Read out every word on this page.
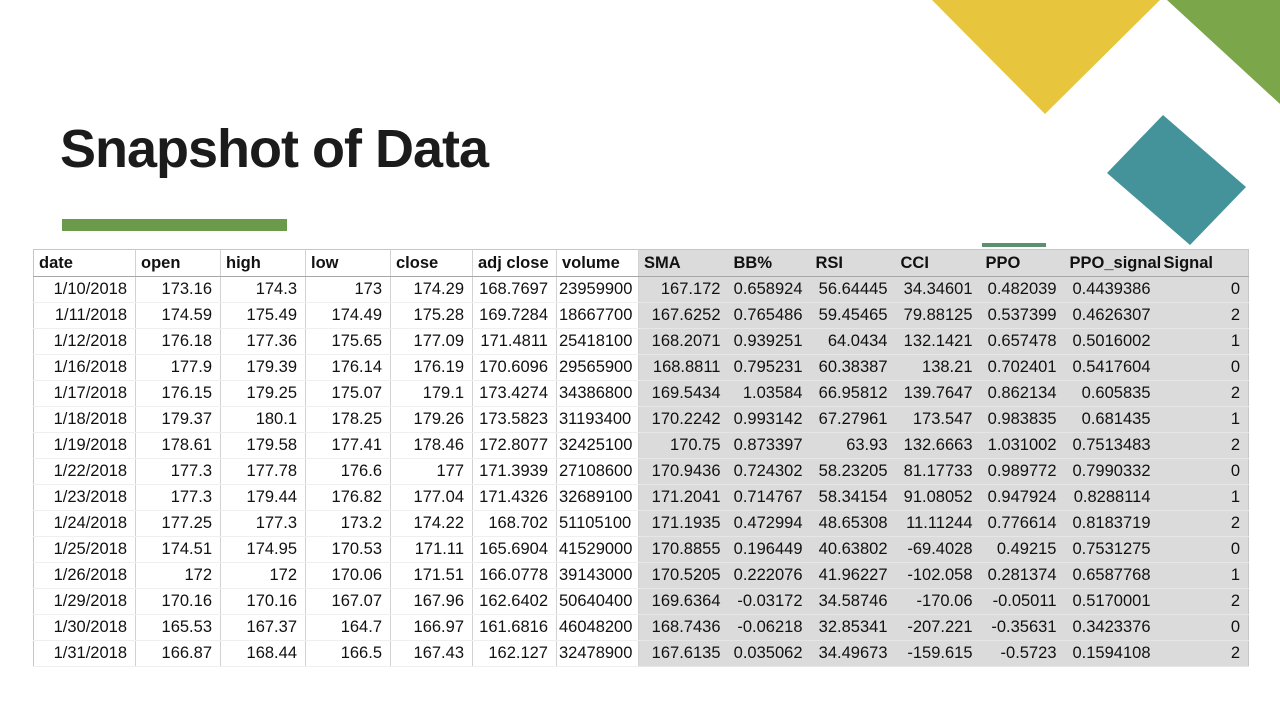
Snapshot of Data
date	open	high	low	close	adj close	volume	SMA	BB%	RSI	CCI	PPO	PPO_signal	Signal
1/10/2018	173.16	174.3	173	174.29	168.7697	23959900	167.172	0.658924	56.64445	34.34601	0.482039	0.4439386	0
1/11/2018	174.59	175.49	174.49	175.28	169.7284	18667700	167.6252	0.765486	59.45465	79.88125	0.537399	0.4626307	2
1/12/2018	176.18	177.36	175.65	177.09	171.4811	25418100	168.2071	0.939251	64.0434	132.1421	0.657478	0.5016002	1
1/16/2018	177.9	179.39	176.14	176.19	170.6096	29565900	168.8811	0.795231	60.38387	138.21	0.702401	0.5417604	0
1/17/2018	176.15	179.25	175.07	179.1	173.4274	34386800	169.5434	1.03584	66.95812	139.7647	0.862134	0.605835	2
1/18/2018	179.37	180.1	178.25	179.26	173.5823	31193400	170.2242	0.993142	67.27961	173.547	0.983835	0.681435	1
1/19/2018	178.61	179.58	177.41	178.46	172.8077	32425100	170.75	0.873397	63.93	132.6663	1.031002	0.7513483	2
1/22/2018	177.3	177.78	176.6	177	171.3939	27108600	170.9436	0.724302	58.23205	81.17733	0.989772	0.7990332	0
1/23/2018	177.3	179.44	176.82	177.04	171.4326	32689100	171.2041	0.714767	58.34154	91.08052	0.947924	0.8288114	1
1/24/2018	177.25	177.3	173.2	174.22	168.702	51105100	171.1935	0.472994	48.65308	11.11244	0.776614	0.8183719	2
1/25/2018	174.51	174.95	170.53	171.11	165.6904	41529000	170.8855	0.196449	40.63802	-69.4028	0.49215	0.7531275	0
1/26/2018	172	172	170.06	171.51	166.0778	39143000	170.5205	0.222076	41.96227	-102.058	0.281374	0.6587768	1
1/29/2018	170.16	170.16	167.07	167.96	162.6402	50640400	169.6364	-0.03172	34.58746	-170.06	-0.05011	0.5170001	2
1/30/2018	165.53	167.37	164.7	166.97	161.6816	46048200	168.7436	-0.06218	32.85341	-207.221	-0.35631	0.3423376	0
1/31/2018	166.87	168.44	166.5	167.43	162.127	32478900	167.6135	0.035062	34.49673	-159.615	-0.5723	0.1594108	2
